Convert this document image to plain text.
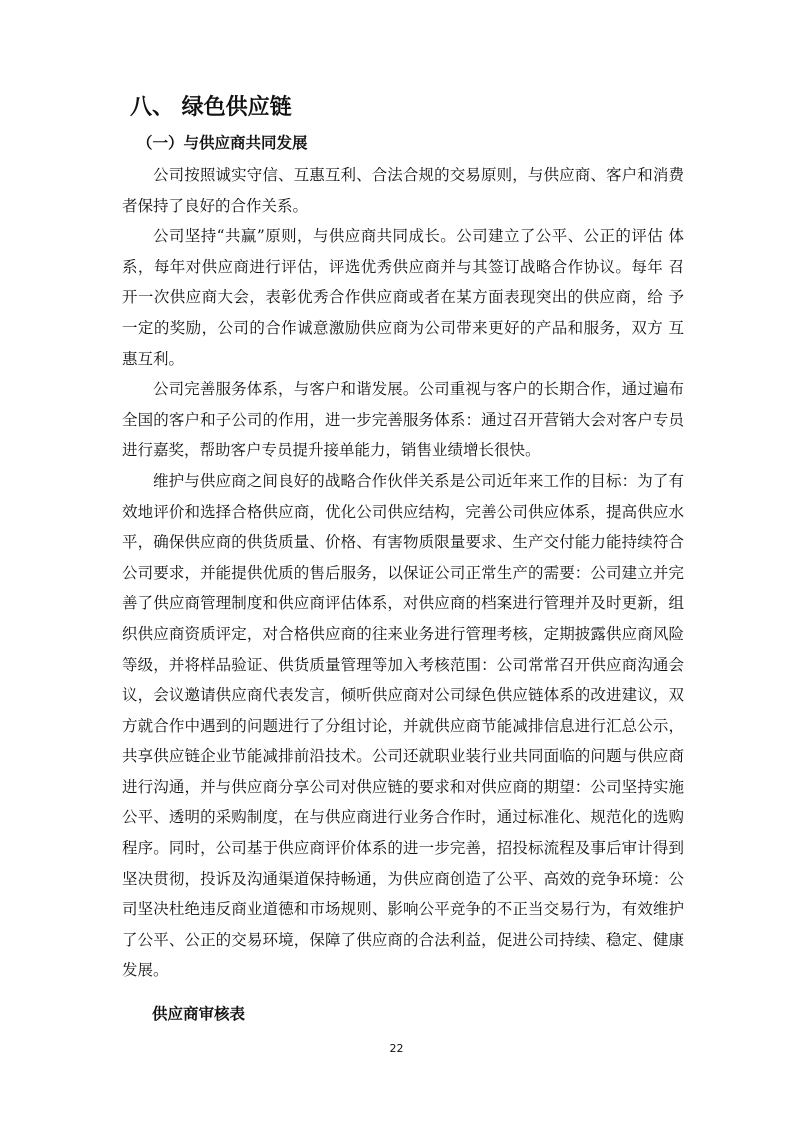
八、 绿色供应链
（一）与供应商共同发展

公司按照诚实守信、互惠互利、合法合规的交易原则，与供应商、客户和消费者保持了良好的合作关系。

公司坚持“共赢”原则，与供应商共同成长。公司建立了公平、公正的评估 体系，每年对供应商进行评估，评选优秀供应商并与其签订战略合作协议。每年 召开一次供应商大会，表彰优秀合作供应商或者在某方面表现突出的供应商，给 予一定的奖励，公司的合作诚意激励供应商为公司带来更好的产品和服务，双方 互惠互利。

公司完善服务体系，与客户和谐发展。公司重视与客户的长期合作，通过遍布全国的客户和子公司的作用，进一步完善服务体系：通过召开营销大会对客户专员进行嘉奖，帮助客户专员提升接单能力，销售业绩增长很快。

维护与供应商之间良好的战略合作伙伴关系是公司近年来工作的目标：为了有效地评价和选择合格供应商，优化公司供应结构，完善公司供应体系，提高供应水平，确保供应商的供货质量、价格、有害物质限量要求、生产交付能力能持续符合公司要求，并能提供优质的售后服务，以保证公司正常生产的需要：公司建立并完善了供应商管理制度和供应商评估体系，对供应商的档案进行管理并及时更新，组织供应商资质评定，对合格供应商的往来业务进行管理考核，定期披露供应商风险等级，并将样品验证、供货质量管理等加入考核范围：公司常常召开供应商沟通会议，会议邀请供应商代表发言，倾听供应商对公司绿色供应链体系的改进建议，双方就合作中遇到的问题进行了分组讨论，并就供应商节能减排信息进行汇总公示，共享供应链企业节能减排前沿技术。公司还就职业装行业共同面临的问题与供应商进行沟通，并与供应商分享公司对供应链的要求和对供应商的期望：公司坚持实施公平、透明的采购制度，在与供应商进行业务合作时，通过标准化、规范化的选购程序。同时，公司基于供应商评价体系的进一步完善，招投标流程及事后审计得到坚决贯彻，投诉及沟通渠道保持畅通，为供应商创造了公平、高效的竞争环境：公司坚决杜绝违反商业道德和市场规则、影响公平竞争的不正当交易行为，有效维护了公平、公正的交易环境，保障了供应商的合法利益，促进公司持续、稳定、健康发展。

供应商审核表

22
